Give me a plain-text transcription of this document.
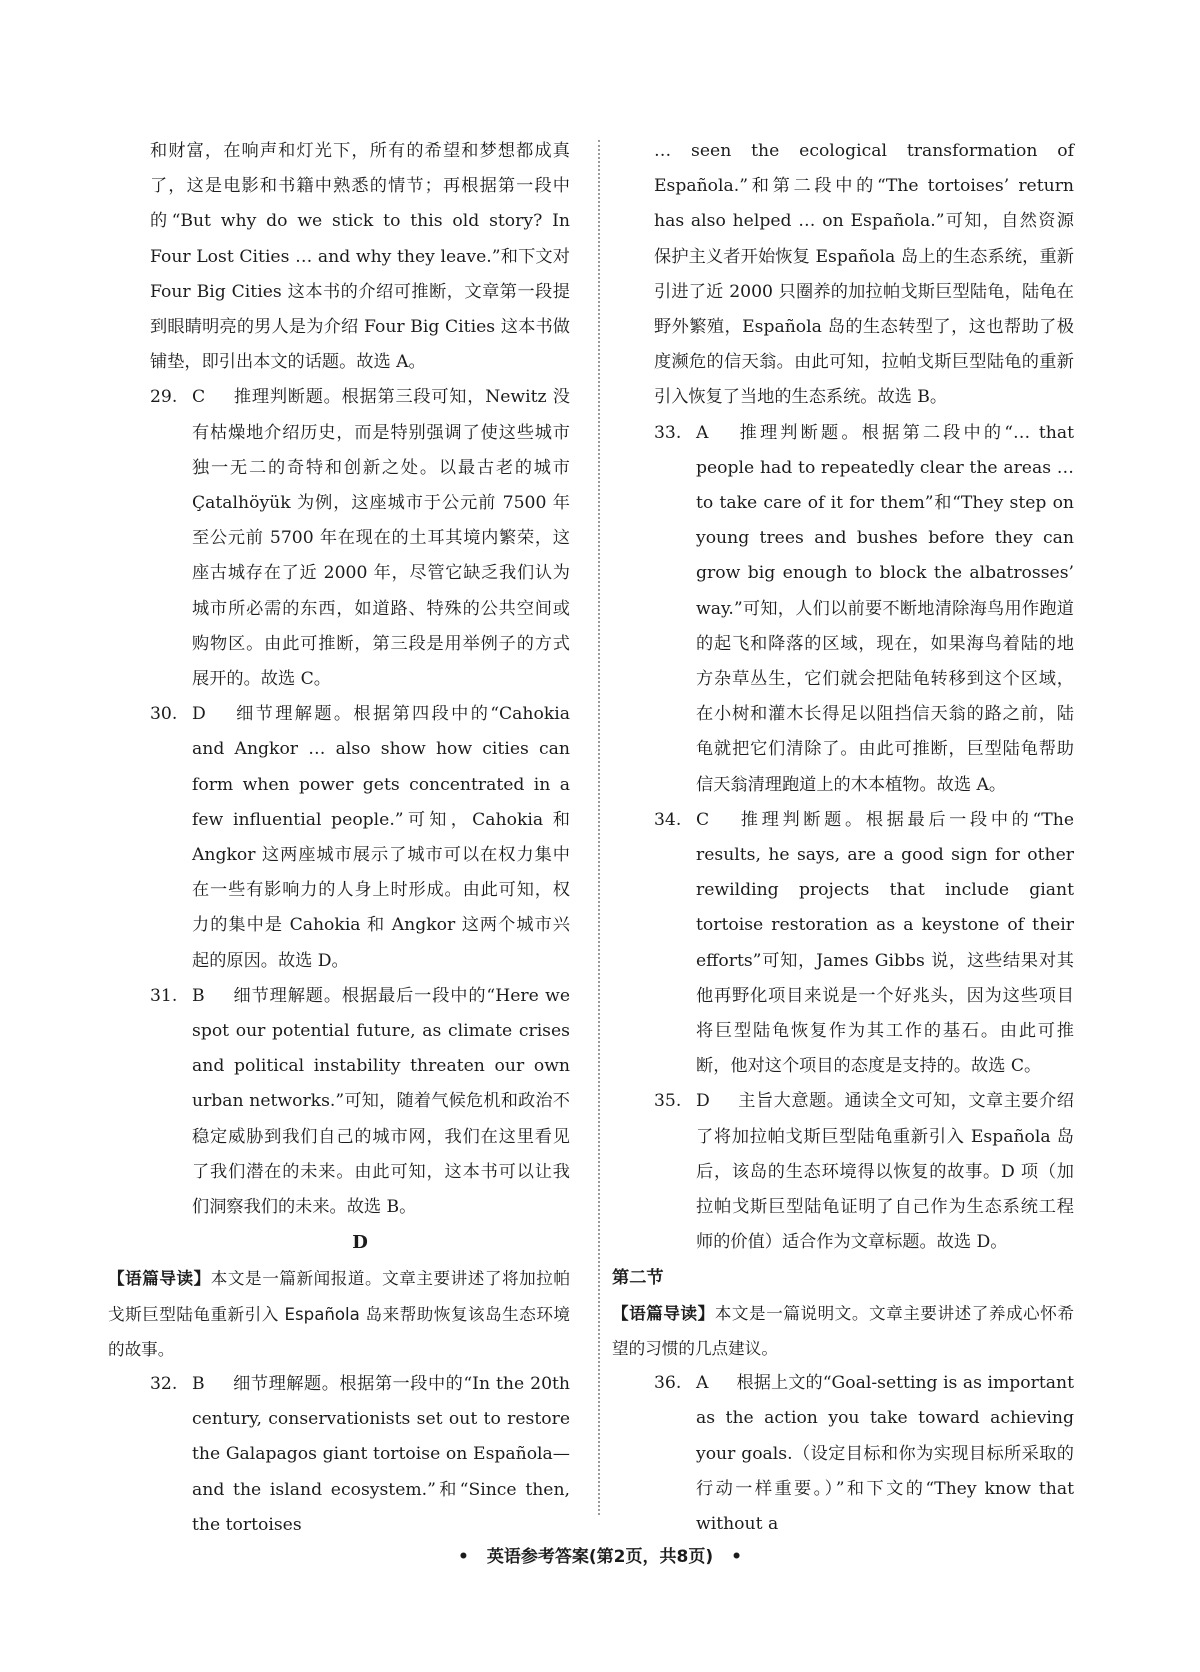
和财富，在响声和灯光下，所有的希望和梦想都成真了，这是电影和书籍中熟悉的情节；再根据第一段中的“But why do we stick to this old story? In Four Lost Cities … and why they leave.”和下文对 Four Big Cities 这本书的介绍可推断，文章第一段提到眼睛明亮的男人是为介绍 Four Big Cities 这本书做铺垫，即引出本文的话题。故选 A。

29. C 推理判断题。根据第三段可知，Newitz 没有枯燥地介绍历史，而是特别强调了使这些城市独一无二的奇特和创新之处。以最古老的城市 Çatalhöyük 为例，这座城市于公元前 7500 年至公元前 5700 年在现在的土耳其境内繁荣，这座古城存在了近 2000 年，尽管它缺乏我们认为城市所必需的东西，如道路、特殊的公共空间或购物区。由此可推断，第三段是用举例子的方式展开的。故选 C。
30. D 细节理解题。根据第四段中的“Cahokia and Angkor … also show how cities can form when power gets concentrated in a few influential people.”可知，Cahokia 和 Angkor 这两座城市展示了城市可以在权力集中在一些有影响力的人身上时形成。由此可知，权力的集中是 Cahokia 和 Angkor 这两个城市兴起的原因。故选 D。
31. B 细节理解题。根据最后一段中的“Here we spot our potential future, as climate crises and political instability threaten our own urban networks.”可知，随着气候危机和政治不稳定威胁到我们自己的城市网，我们在这里看见了我们潜在的未来。由此可知，这本书可以让我们洞察我们的未来。故选 B。
D

【语篇导读】本文是一篇新闻报道。文章主要讲述了将加拉帕戈斯巨型陆龟重新引入 Española 岛来帮助恢复该岛生态环境的故事。

32. B 细节理解题。根据第一段中的“In the 20th century, conservationists set out to restore the Galapagos giant tortoise on Española—and the island ecosystem.”和“Since then, the tortoises

… seen the ecological transformation of Española.”和第二段中的“The tortoises’ return has also helped … on Española.”可知，自然资源保护主义者开始恢复 Española 岛上的生态系统，重新引进了近 2000 只圈养的加拉帕戈斯巨型陆龟，陆龟在野外繁殖，Española 岛的生态转型了，这也帮助了极度濒危的信天翁。由此可知，拉帕戈斯巨型陆龟的重新引入恢复了当地的生态系统。故选 B。

33. A 推理判断题。根据第二段中的“… that people had to repeatedly clear the areas … to take care of it for them”和“They step on young trees and bushes before they can grow big enough to block the albatrosses’ way.”可知，人们以前要不断地清除海鸟用作跑道的起飞和降落的区域，现在，如果海鸟着陆的地方杂草丛生，它们就会把陆龟转移到这个区域，在小树和灌木长得足以阻挡信天翁的路之前，陆龟就把它们清除了。由此可推断，巨型陆龟帮助信天翁清理跑道上的木本植物。故选 A。
34. C 推理判断题。根据最后一段中的“The results, he says, are a good sign for other rewilding projects that include giant tortoise restoration as a keystone of their efforts”可知，James Gibbs 说，这些结果对其他再野化项目来说是一个好兆头，因为这些项目将巨型陆龟恢复作为其工作的基石。由此可推断，他对这个项目的态度是支持的。故选 C。
35. D 主旨大意题。通读全文可知，文章主要介绍了将加拉帕戈斯巨型陆龟重新引入 Española 岛后，该岛的生态环境得以恢复的故事。D 项（加拉帕戈斯巨型陆龟证明了自己作为生态系统工程师的价值）适合作为文章标题。故选 D。
第二节

【语篇导读】本文是一篇说明文。文章主要讲述了养成心怀希望的习惯的几点建议。

36. A 根据上文的“Goal-setting is as important as the action you take toward achieving your goals.（设定目标和你为实现目标所采取的行动一样重要。）”和下文的“They know that without a
• 英语参考答案(第2页，共8页) •
